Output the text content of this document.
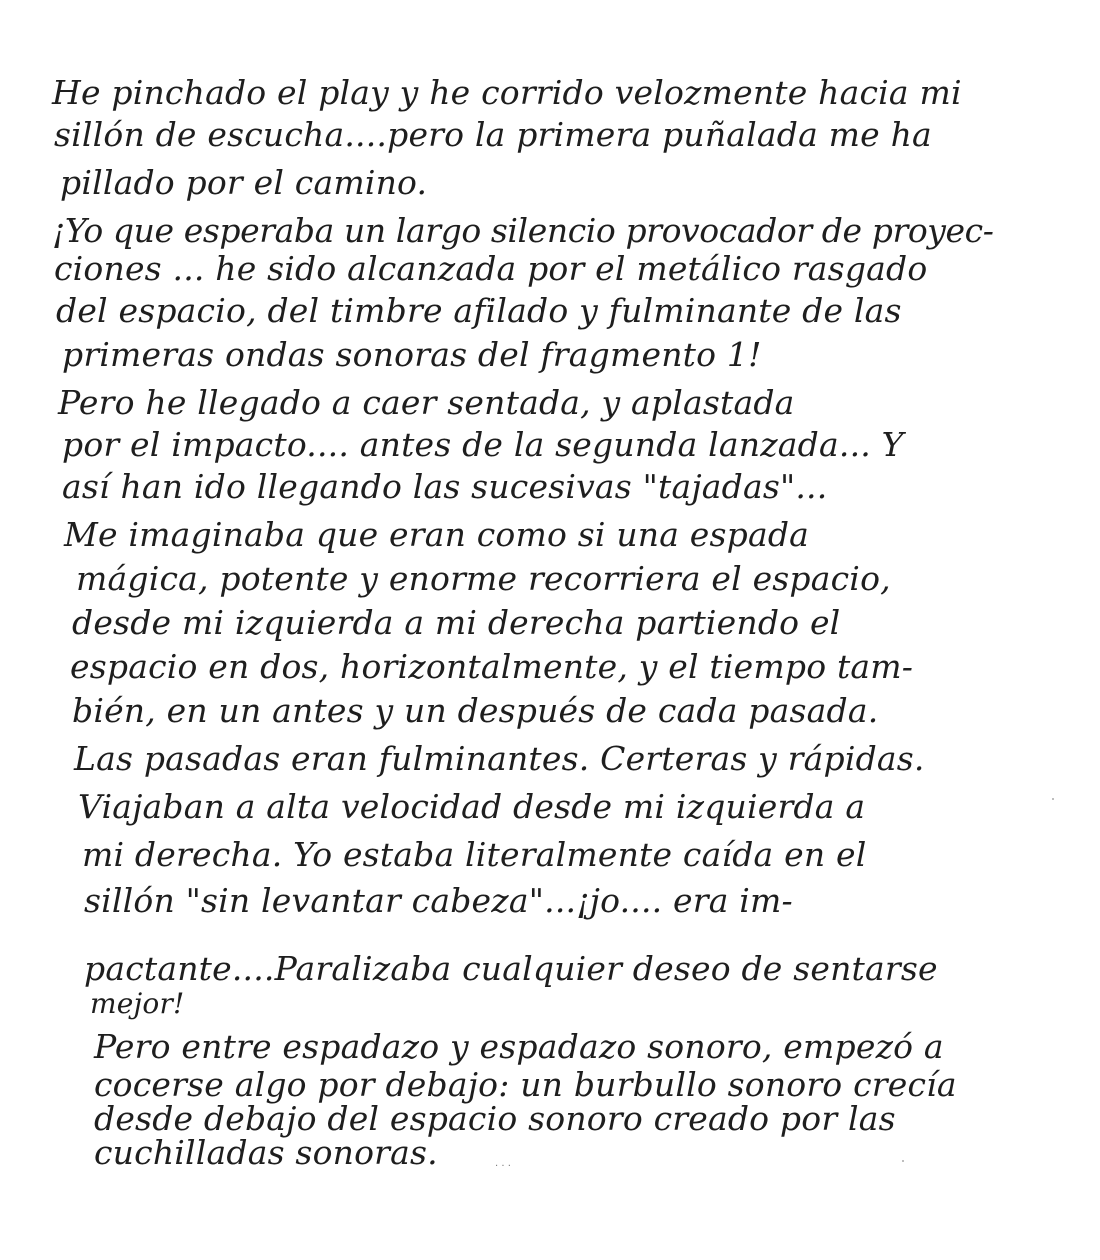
He pinchado el play y he corrido velozmente hacia mi
sillón de escucha....pero la primera puñalada me ha
pillado por el camino.
¡Yo que esperaba un largo silencio provocador de proyec-
ciones ... he sido alcanzada por el metálico rasgado
del espacio, del timbre afilado y fulminante de las
primeras ondas sonoras del fragmento 1!
Pero he llegado a caer sentada, y aplastada
por el impacto.... antes de la segunda lanzada... Y
así han ido llegando las sucesivas "tajadas"...
Me imaginaba que eran como si una espada
mágica, potente y enorme recorriera el espacio,
desde mi izquierda a mi derecha partiendo el
espacio en dos, horizontalmente, y el tiempo tam-
bién, en un antes y un después de cada pasada.
Las pasadas eran fulminantes. Certeras y rápidas.
Viajaban a alta velocidad desde mi izquierda a
mi derecha. Yo estaba literalmente caída en el
sillón "sin levantar cabeza"...¡jo.... era im-
pactante....Paralizaba cualquier deseo de sentarse
mejor!
Pero entre espadazo y espadazo sonoro, empezó a
cocerse algo por debajo: un burbullo sonoro crecía
desde debajo del espacio sonoro creado por las
cuchilladas sonoras.	. . .
